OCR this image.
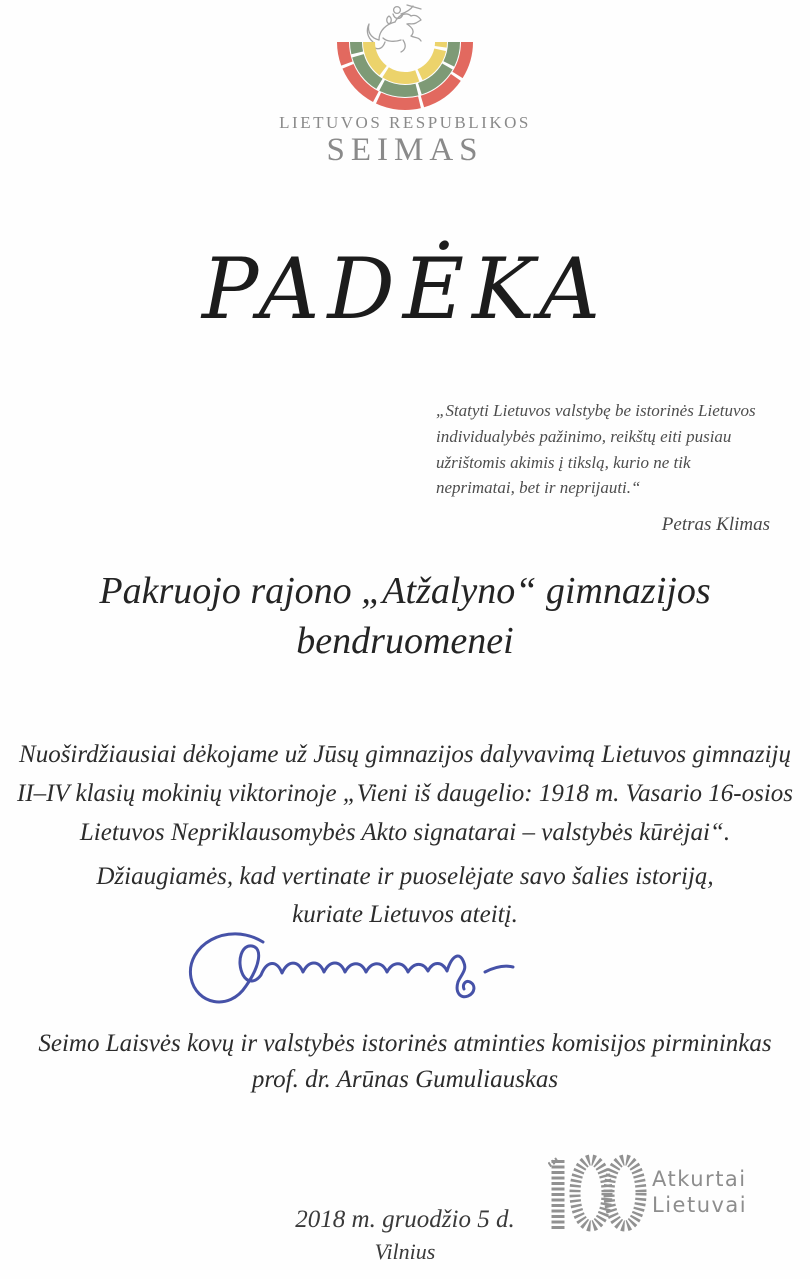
LIETUVOS RESPUBLIKOS
SEIMAS
PADĖKA
„Statyti Lietuvos valstybę be istorinės Lietuvos
individualybės pažinimo, reikštų eiti pusiau
užrištomis akimis į tikslą, kurio ne tik
neprimatai, bet ir neprijauti.“
Petras Klimas
Pakruojo rajono „Atžalyno“ gimnazijos
bendruomenei
Nuoširdžiausiai dėkojame už Jūsų gimnazijos dalyvavimą Lietuvos gimnazijų
II–IV klasių mokinių viktorinoje „Vieni iš daugelio: 1918 m. Vasario 16-osios
Lietuvos Nepriklausomybės Akto signatarai – valstybės kūrėjai“.
Džiaugiamės, kad vertinate ir puoselėjate savo šalies istoriją,
kuriate Lietuvos ateitį.
Seimo Laisvės kovų ir valstybės istorinės atminties komisijos pirmininkas
prof. dr. Arūnas Gumuliauskas
Atkurtai
Lietuvai
2018 m. gruodžio 5 d.
Vilnius
